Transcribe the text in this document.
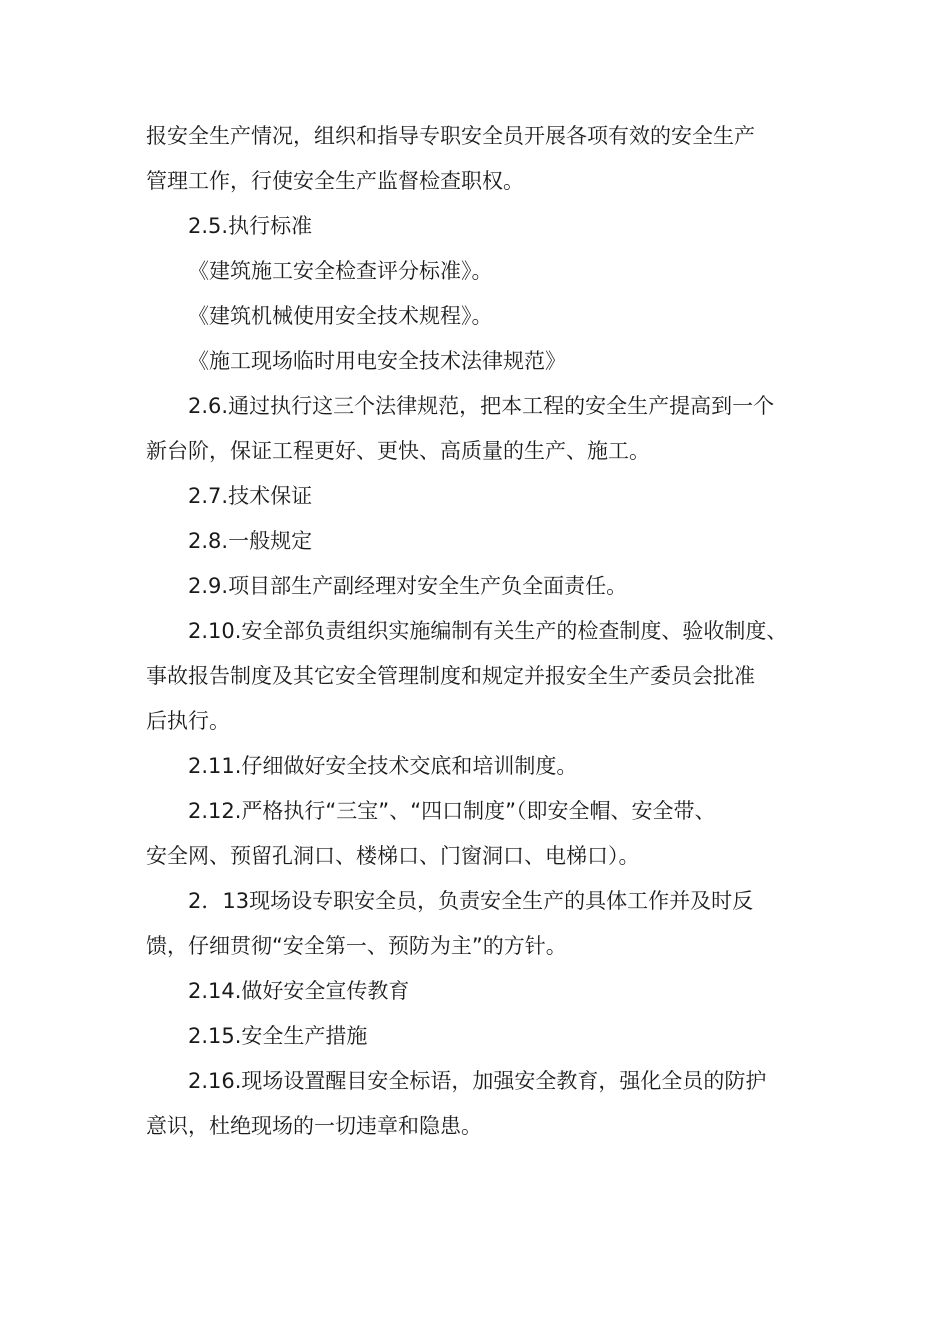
报安全生产情况，组织和指导专职安全员开展各项有效的安全生产
管理工作，行使安全生产监督检查职权。
2.5.执行标准
《建筑施工安全检查评分标准》。
《建筑机械使用安全技术规程》。
《施工现场临时用电安全技术法律规范》
2.6.通过执行这三个法律规范，把本工程的安全生产提高到一个
新台阶，保证工程更好、更快、高质量的生产、施工。
2.7.技术保证
2.8.一般规定
2.9.项目部生产副经理对安全生产负全面责任。
2.10.安全部负责组织实施编制有关生产的检查制度、验收制度、
事故报告制度及其它安全管理制度和规定并报安全生产委员会批准
后执行。
2.11.仔细做好安全技术交底和培训制度。
2.12.严格执行“三宝”、“四口制度”（即安全帽、安全带、
安全网、预留孔洞口、楼梯口、门窗洞口、电梯口）。
2．13现场设专职安全员，负责安全生产的具体工作并及时反
馈，仔细贯彻“安全第一、预防为主”的方针。
2.14.做好安全宣传教育
2.15.安全生产措施
2.16.现场设置醒目安全标语，加强安全教育，强化全员的防护
意识，杜绝现场的一切违章和隐患。
